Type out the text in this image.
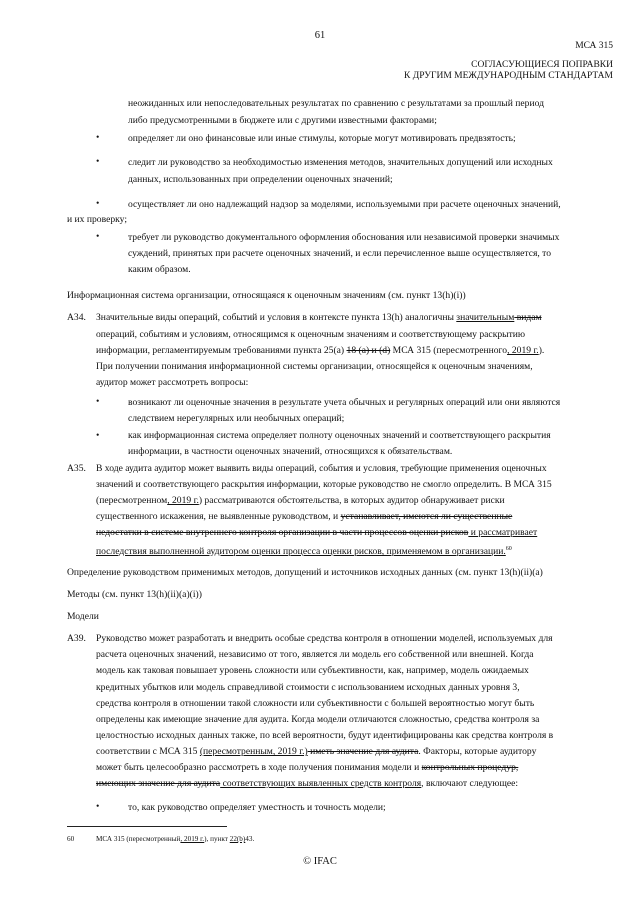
61
МСА 315
СОГЛАСУЮЩИЕСЯ ПОПРАВКИ
К ДРУГИМ МЕЖДУНАРОДНЫМ СТАНДАРТАМ
неожиданных или непоследовательных результатах по сравнению с результатами за прошлый период
либо предусмотренными в бюджете или с другими известными факторами;
•	определяет ли оно финансовые или иные стимулы, которые могут мотивировать предвзятость;
•	следит ли руководство за необходимостью изменения методов, значительных допущений или исходных
данных, использованных при определении оценочных значений;
•	осуществляет ли оно надлежащий надзор за моделями, используемыми при расчете оценочных значений,
и их проверку;
•	требует ли руководство документального оформления обоснования или независимой проверки значимых
суждений, принятых при расчете оценочных значений, и если перечисленное выше осуществляется, то
каким образом.
Информационная система организации, относящаяся к оценочным значениям (см. пункт 13(h)(i))
A34. Значительные виды операций, событий и условия в контексте пункта 13(h) аналогичны значительным видам
операций, событиям и условиям, относящимся к оценочным значениям и соответствующему раскрытию
информации, регламентируемым требованиями пункта 25(a) 18 (a) и (d) МСА 315 (пересмотренного, 2019 г.).
При получении понимания информационной системы организации, относящейся к оценочным значениям,
аудитор может рассмотреть вопросы:
•	возникают ли оценочные значения в результате учета обычных и регулярных операций или они являются
следствием нерегулярных или необычных операций;
•	как информационная система определяет полноту оценочных значений и соответствующего раскрытия
информации, в частности оценочных значений, относящихся к обязательствам.
A35. В ходе аудита аудитор может выявить виды операций, события и условия, требующие применения оценочных
значений и соответствующего раскрытия информации, которые руководство не смогло определить. В МСА 315
(пересмотренном, 2019 г.) рассматриваются обстоятельства, в которых аудитор обнаруживает риски
существенного искажения, не выявленные руководством, и устанавливает, имеются ли существенные
недостатки в системе внутреннего контроля организации в части процессов оценки рисков и рассматривает
последствия выполненной аудитором оценки процесса оценки рисков, применяемом в организации.$^{60}$
Определение руководством применимых методов, допущений и источников исходных данных (см. пункт 13(h)(ii)(a)
Методы (см. пункт 13(h)(ii)(a)(i))
Модели
A39. Руководство может разработать и внедрить особые средства контроля в отношении моделей, используемых для
расчета оценочных значений, независимо от того, является ли модель его собственной или внешней. Когда
модель как таковая повышает уровень сложности или субъективности, как, например, модель ожидаемых
кредитных убытков или модель справедливой стоимости с использованием исходных данных уровня 3,
средства контроля в отношении такой сложности или субъективности с большей вероятностью могут быть
определены как имеющие значение для аудита. Когда модели отличаются сложностью, средства контроля за
целостностью исходных данных также, по всей вероятности, будут идентифицированы как средства контроля в
соответствии с МСА 315 (пересмотренным, 2019 г.) иметь значение для аудита. Факторы, которые аудитору
может быть целесообразно рассмотреть в ходе получения понимания модели и контрольных процедур,
имеющих значение для аудита соответствующих выявленных средств контроля, включают следующее:
•	то, как руководство определяет уместность и точность модели;
60	МСА 315 (пересмотренный, 2019 г.), пункт 22(b)43.
© IFAC
